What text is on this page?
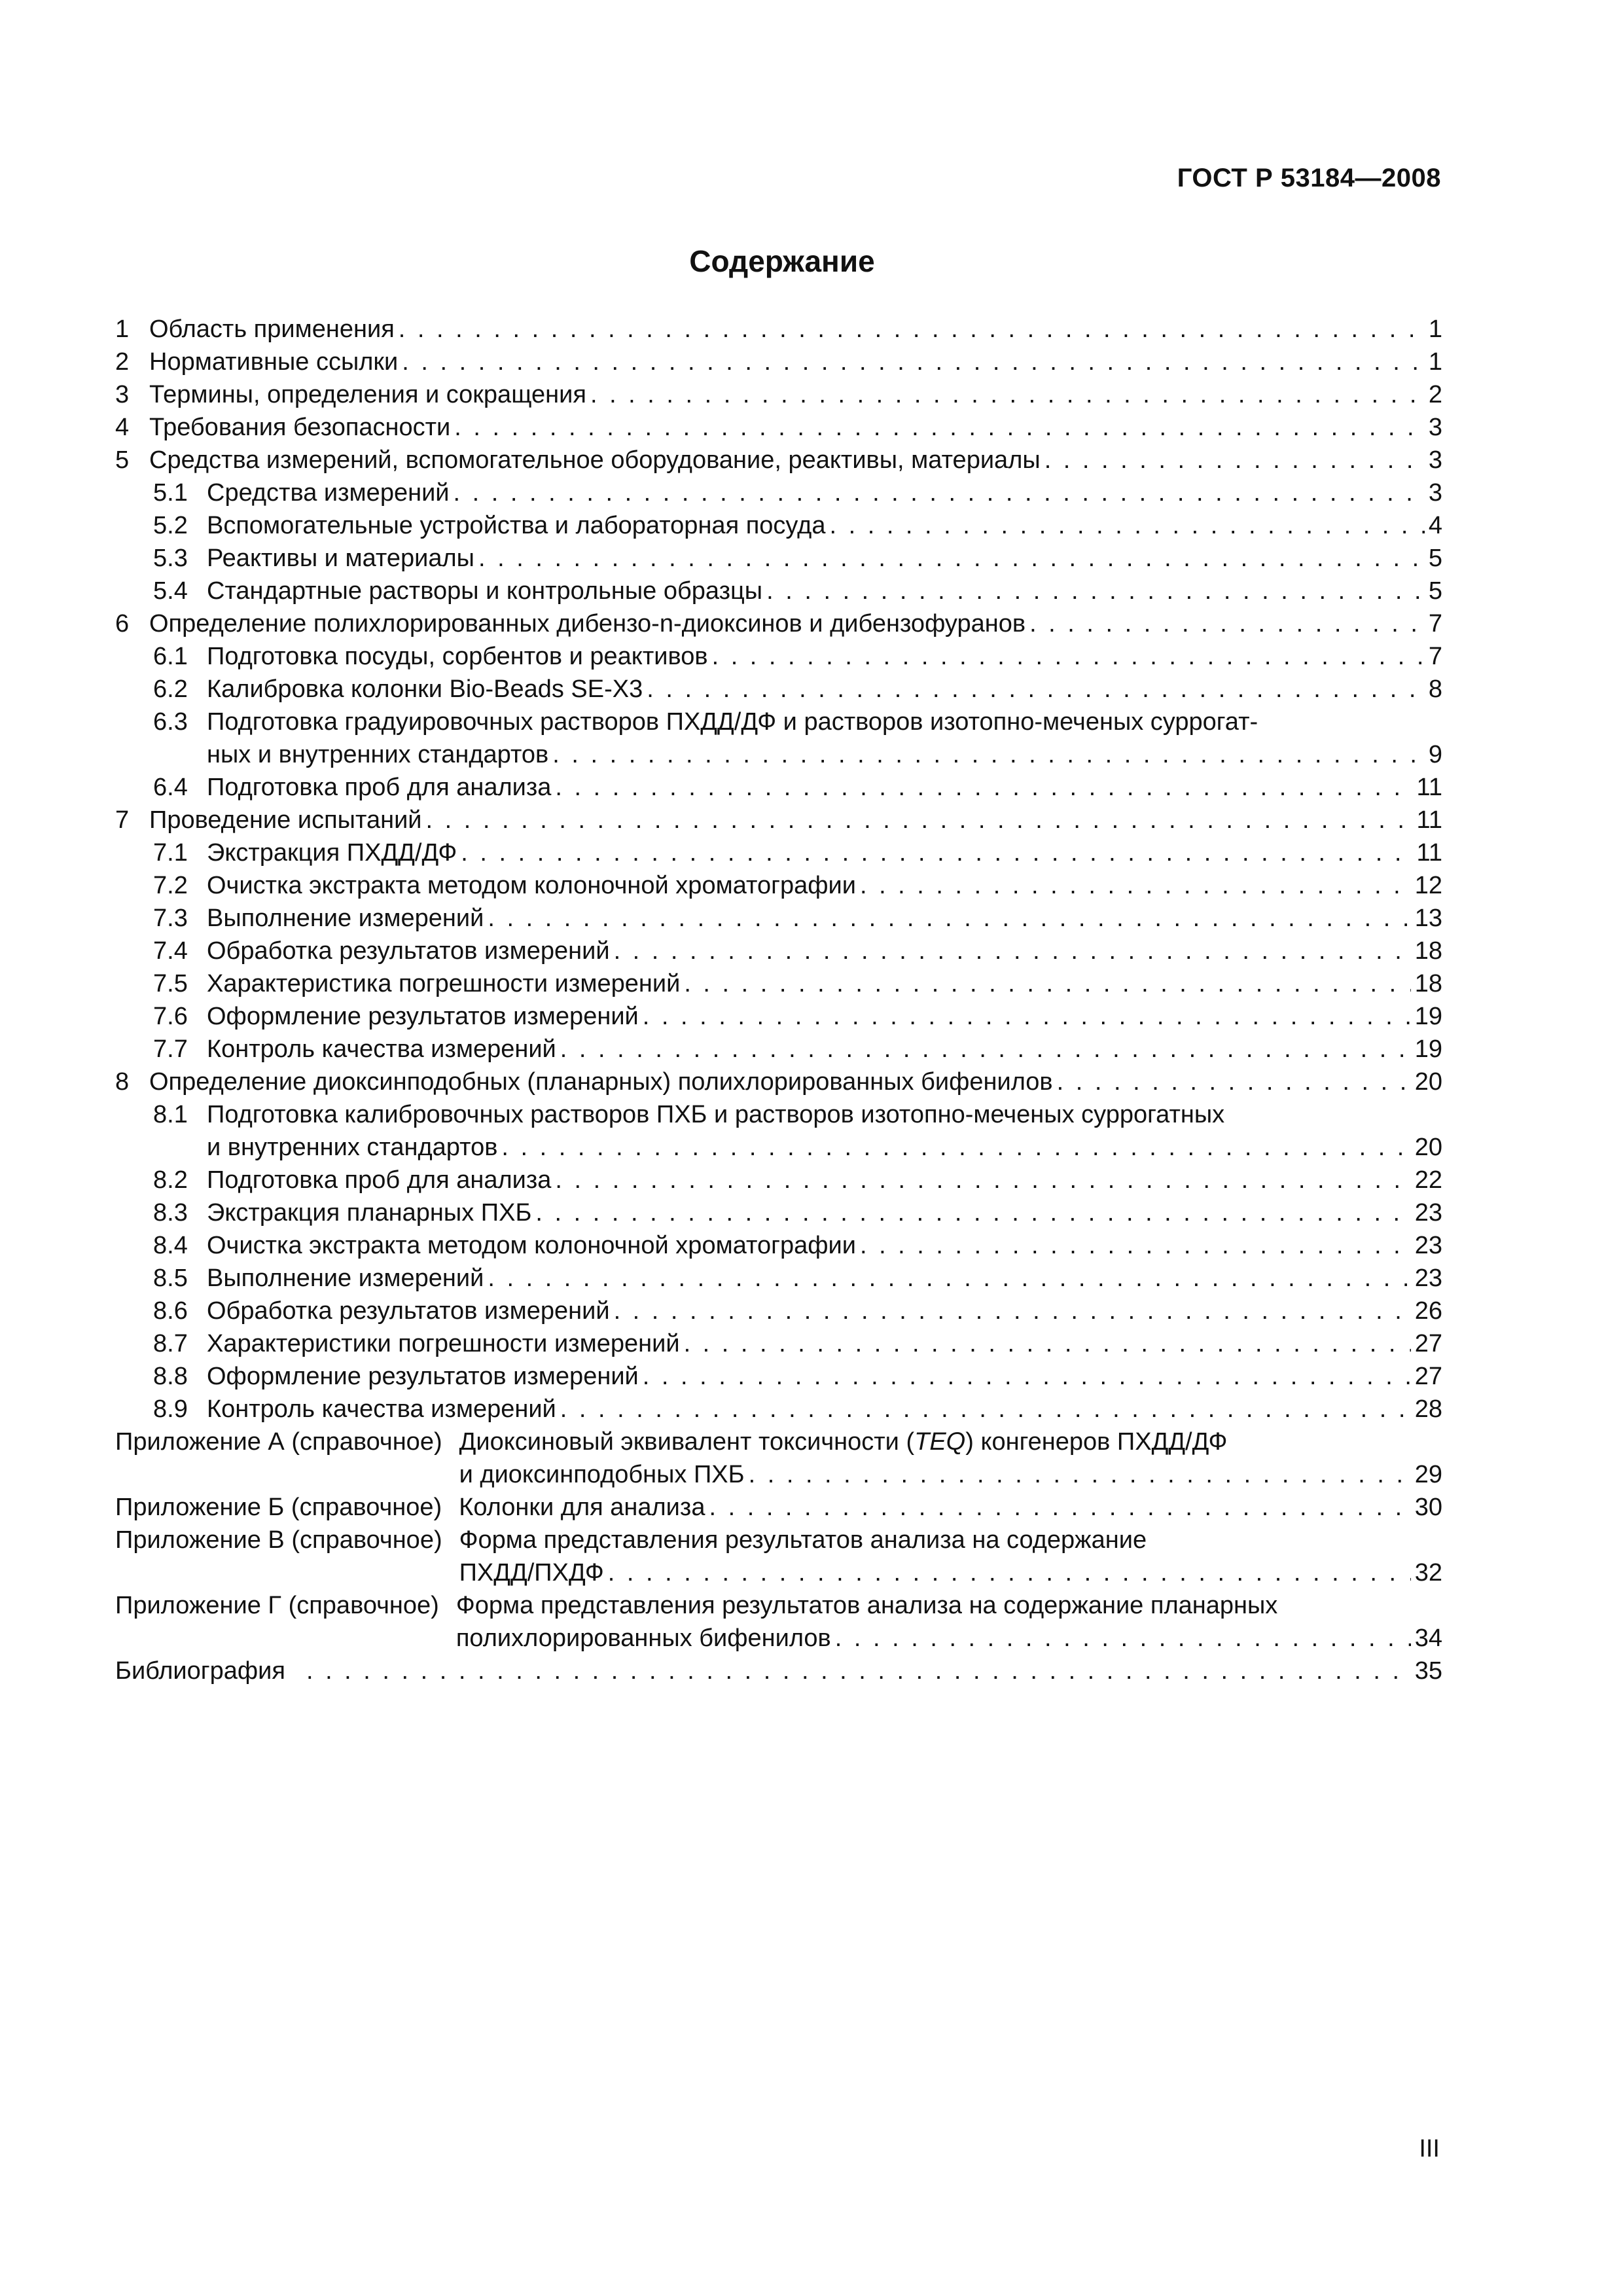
ГОСТ Р 53184—2008
Содержание
1 Область применения . . .	1
2 Нормативные ссылки . . .	1
3 Термины, определения и сокращения . . .	2
4 Требования безопасности . . .	3
5 Средства измерений, вспомогательное оборудование, реактивы, материалы . . .	3
5.1 Средства измерений . . .	3
5.2 Вспомогательные устройства и лабораторная посуда . . .	4
5.3 Реактивы и материалы . . .	5
5.4 Стандартные растворы и контрольные образцы . . .	5
6 Определение полихлорированных дибензо-n-диоксинов и дибензофуранов . . .	7
6.1 Подготовка посуды, сорбентов и реактивов . . .	7
6.2 Калибровка колонки Bio-Beads SE-X3 . . .	8
6.3 Подготовка градуировочных растворов ПХДД/ДФ и растворов изотопно-меченых суррогат-
ных и внутренних стандартов . . .	9
6.4 Подготовка проб для анализа . . .	11
7 Проведение испытаний . . .	11
7.1 Экстракция ПХДД/ДФ . . .	11
7.2 Очистка экстракта методом колоночной хроматографии . . .	12
7.3 Выполнение измерений . . .	13
7.4 Обработка результатов измерений . . .	18
7.5 Характеристика погрешности измерений . . .	18
7.6 Оформление результатов измерений . . .	19
7.7 Контроль качества измерений . . .	19
8 Определение диоксинподобных (планарных) полихлорированных бифенилов . . .	20
8.1 Подготовка калибровочных растворов ПХБ и растворов изотопно-меченых суррогатных
и внутренних стандартов . . .	20
8.2 Подготовка проб для анализа . . .	22
8.3 Экстракция планарных ПХБ . . .	23
8.4 Очистка экстракта методом колоночной хроматографии . . .	23
8.5 Выполнение измерений . . .	23
8.6 Обработка результатов измерений . . .	26
8.7 Характеристики погрешности измерений . . .	27
8.8 Оформление результатов измерений . . .	27
8.9 Контроль качества измерений . . .	28
Приложение А (справочное) Диоксиновый эквивалент токсичности (TEQ) конгенеров ПХДД/ДФ
и диоксинподобных ПХБ . . .	29
Приложение Б (справочное) Колонки для анализа . . .	30
Приложение В (справочное) Форма представления результатов анализа на содержание
ПХДД/ПХДФ . . .	32
Приложение Г (справочное) Форма представления результатов анализа на содержание планарных
полихлорированных бифенилов . . .	34
Библиография . . .	35
III
